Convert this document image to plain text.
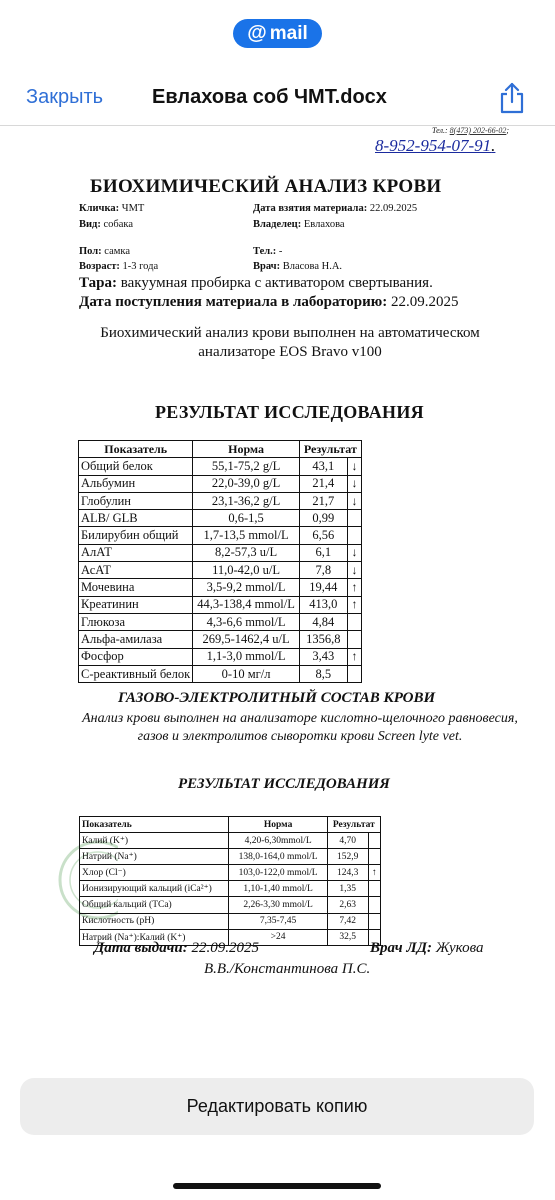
@ mail
Закрыть Евлахова соб ЧМТ.docx
Тел.: 8(473) 202-66-02;
8-952-954-07-91.
БИОХИМИЧЕСКИЙ АНАЛИЗ КРОВИ
Кличка: ЧМТ	Дата взятия материала: 22.09.2025
Вид: собака	Владелец: Евлахова
Пол: самка	Тел.: -
Возраст: 1-3 года	Врач: Власова Н.А.
Тара: вакуумная пробирка с активатором свертывания.
Дата поступления материала в лабораторию: 22.09.2025
Биохимический анализ крови выполнен на автоматическом анализаторе EOS Bravo v100
РЕЗУЛЬТАТ ИССЛЕДОВАНИЯ
Показатель	Норма	Результат	
Общий белок	55,1-75,2 g/L	43,1	↓
Альбумин	22,0-39,0 g/L	21,4	↓
Глобулин	23,1-36,2 g/L	21,7	↓
ALB/ GLB	0,6-1,5	0,99	
Билирубин общий	1,7-13,5 mmol/L	6,56	
АлАТ	8,2-57,3 u/L	6,1	↓
АсАТ	11,0-42,0 u/L	7,8	↓
Мочевина	3,5-9,2 mmol/L	19,44	↑
Креатинин	44,3-138,4 mmol/L	413,0	↑
Глюкоза	4,3-6,6 mmol/L	4,84	
Альфа-амилаза	269,5-1462,4 u/L	1356,8	
Фосфор	1,1-3,0 mmol/L	3,43	↑
С-реактивный белок	0-10 мг/л	8,5	
ГАЗОВО-ЭЛЕКТРОЛИТНЫЙ СОСТАВ КРОВИ
Анализ крови выполнен на анализаторе кислотно-щелочного равновесия, газов и электролитов сыворотки крови Screen lyte vet.
РЕЗУЛЬТАТ ИССЛЕДОВАНИЯ
Показатель	Норма	Результат	
Калий (K⁺)	4,20-6,30mmol/L	4,70	
Натрий (Na⁺)	138,0-164,0 mmol/L	152,9	
Хлор (Cl⁻)	103,0-122,0 mmol/L	124,3	↑
Ионизирующий кальций (iCa²⁺)	1,10-1,40 mmol/L	1,35	
Общий кальций (TCa)	2,26-3,30 mmol/L	2,63	
Кислотность (pH)	7,35-7,45	7,42	
Натрий (Na⁺):Калий (K⁺)	>24	32,5	
Дата выдачи: 22.09.2025	Врач ЛД: Жукова
В.В./Константинова П.С.
Редактировать копию
